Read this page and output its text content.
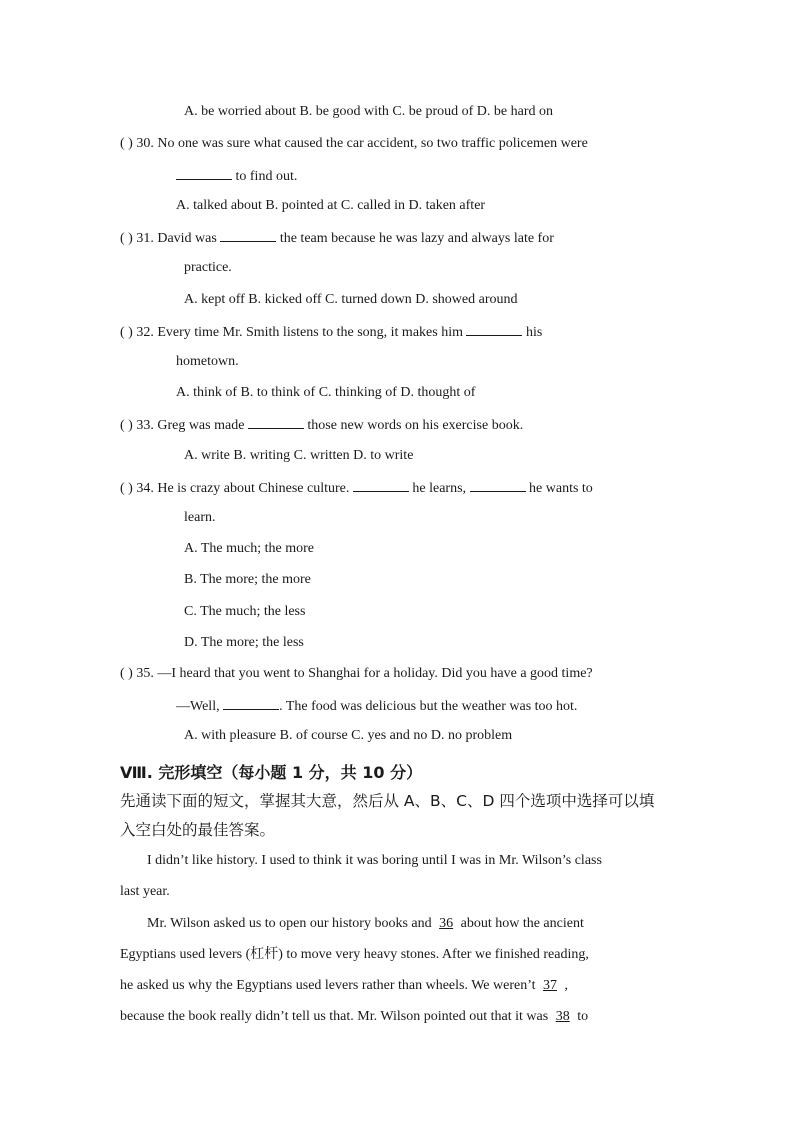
A. be worried about B. be good with C. be proud of D. be hard on
( ) 30. No one was sure what caused the car accident, so two traffic policemen were
to find out.
A. talked about B. pointed at C. called in D. taken after
( ) 31. David was	the team because he was lazy and always late for
practice.
A. kept off B. kicked off C. turned down D. showed around
( ) 32. Every time Mr. Smith listens to the song, it makes him	his
hometown.
A. think of B. to think of C. thinking of D. thought of
( ) 33. Greg was made	those new words on his exercise book.
A. write B. writing C. written D. to write
( ) 34. He is crazy about Chinese culture.	he learns,	he wants to
learn.
A. The much; the more
B. The more; the more
C. The much; the less
D. The more; the less
( ) 35. —I heard that you went to Shanghai for a holiday. Did you have a good time?
—Well,	. The food was delicious but the weather was too hot.
A. with pleasure B. of course C. yes and no D. no problem
Ⅷ. 完形填空（每小题 1 分，共 10 分）
先通读下面的短文，掌握其大意，然后从 A、B、C、D 四个选项中选择可以填
入空白处的最佳答案。
I didn’t like history. I used to think it was boring until I was in Mr. Wilson’s class
last year.
Mr. Wilson asked us to open our history books and 36 about how the ancient
Egyptians used levers (杠杆) to move very heavy stones. After we finished reading,
he asked us why the Egyptians used levers rather than wheels. We weren’t 37 ,
because the book really didn’t tell us that. Mr. Wilson pointed out that it was 38 to
